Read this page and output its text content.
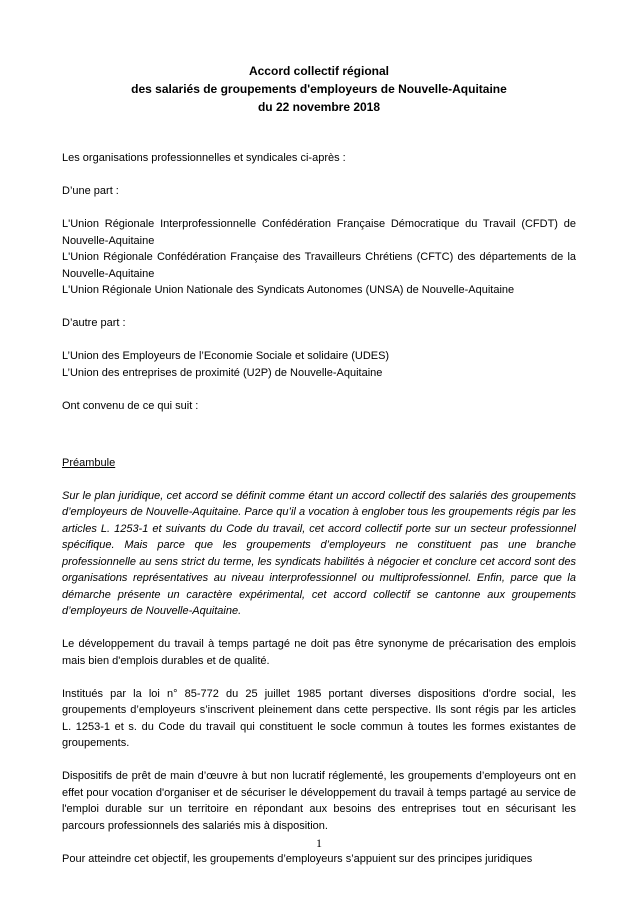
Accord collectif régional
des salariés de groupements d'employeurs de Nouvelle-Aquitaine
du 22 novembre 2018

Les organisations professionnelles et syndicales ci-après :

D’une part :

L'Union Régionale Interprofessionnelle Confédération Française Démocratique du Travail (CFDT) de Nouvelle-Aquitaine

L'Union Régionale Confédération Française des Travailleurs Chrétiens (CFTC) des départements de la Nouvelle-Aquitaine

L'Union Régionale Union Nationale des Syndicats Autonomes (UNSA) de Nouvelle-Aquitaine

D’autre part :

L’Union des Employeurs de l’Economie Sociale et solidaire (UDES)

L’Union des entreprises de proximité (U2P) de Nouvelle-Aquitaine

Ont convenu de ce qui suit :

Préambule

Sur le plan juridique, cet accord se définit comme étant un accord collectif des salariés des groupements d’employeurs de Nouvelle-Aquitaine. Parce qu’il a vocation à englober tous les groupements régis par les articles L. 1253-1 et suivants du Code du travail, cet accord collectif porte sur un secteur professionnel spécifique. Mais parce que les groupements d’employeurs ne constituent pas une branche professionnelle au sens strict du terme, les syndicats habilités à négocier et conclure cet accord sont des organisations représentatives au niveau interprofessionnel ou multiprofessionnel. Enfin, parce que la démarche présente un caractère expérimental, cet accord collectif se cantonne aux groupements d’employeurs de Nouvelle-Aquitaine.

Le développement du travail à temps partagé ne doit pas être synonyme de précarisation des emplois mais bien d'emplois durables et de qualité.

Institués par la loi n° 85-772 du 25 juillet 1985 portant diverses dispositions d'ordre social, les groupements d’employeurs s’inscrivent pleinement dans cette perspective. Ils sont régis par les articles L. 1253-1 et s. du Code du travail qui constituent le socle commun à toutes les formes existantes de groupements.

Dispositifs de prêt de main d’œuvre à but non lucratif réglementé, les groupements d’employeurs ont en effet pour vocation d'organiser et de sécuriser le développement du travail à temps partagé au service de l'emploi durable sur un territoire en répondant aux besoins des entreprises tout en sécurisant les parcours professionnels des salariés mis à disposition.

Pour atteindre cet objectif, les groupements d’employeurs s’appuient sur des principes juridiques

1
